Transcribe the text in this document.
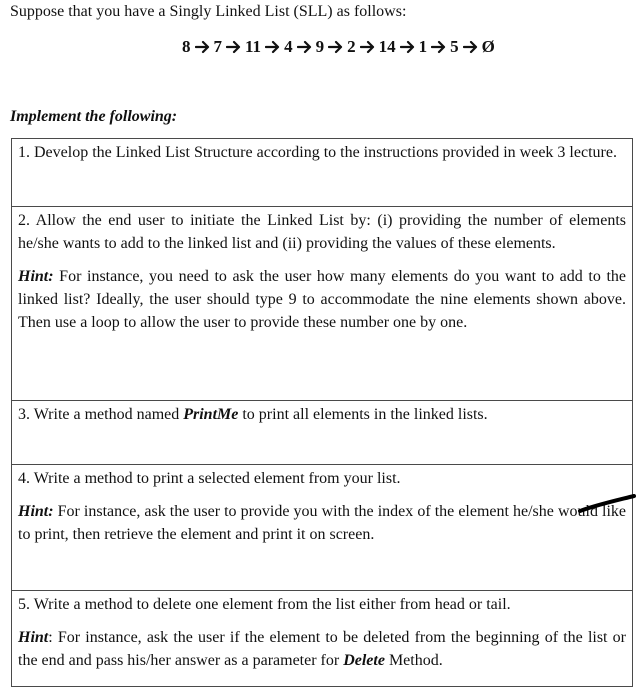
Suppose that you have a Singly Linked List (SLL) as follows:
8 7 11 4 9 2 14 1 5 Ø
Implement the following:

1. Develop the Linked List Structure according to the instructions provided in week 3 lecture.

2. Allow the end user to initiate the Linked List by: (i) providing the number of elements he/she wants to add to the linked list and (ii) providing the values of these elements.

Hint: For instance, you need to ask the user how many elements do you want to add to the linked list? Ideally, the user should type 9 to accommodate the nine elements shown above. Then use a loop to allow the user to provide these number one by one.

3. Write a method named PrintMe to print all elements in the linked lists.

4. Write a method to print a selected element from your list.

Hint: For instance, ask the user to provide you with the index of the element he/she would like to print, then retrieve the element and print it on screen.

5. Write a method to delete one element from the list either from head or tail.

Hint: For instance, ask the user if the element to be deleted from the beginning of the list or the end and pass his/her answer as a parameter for Delete Method.
